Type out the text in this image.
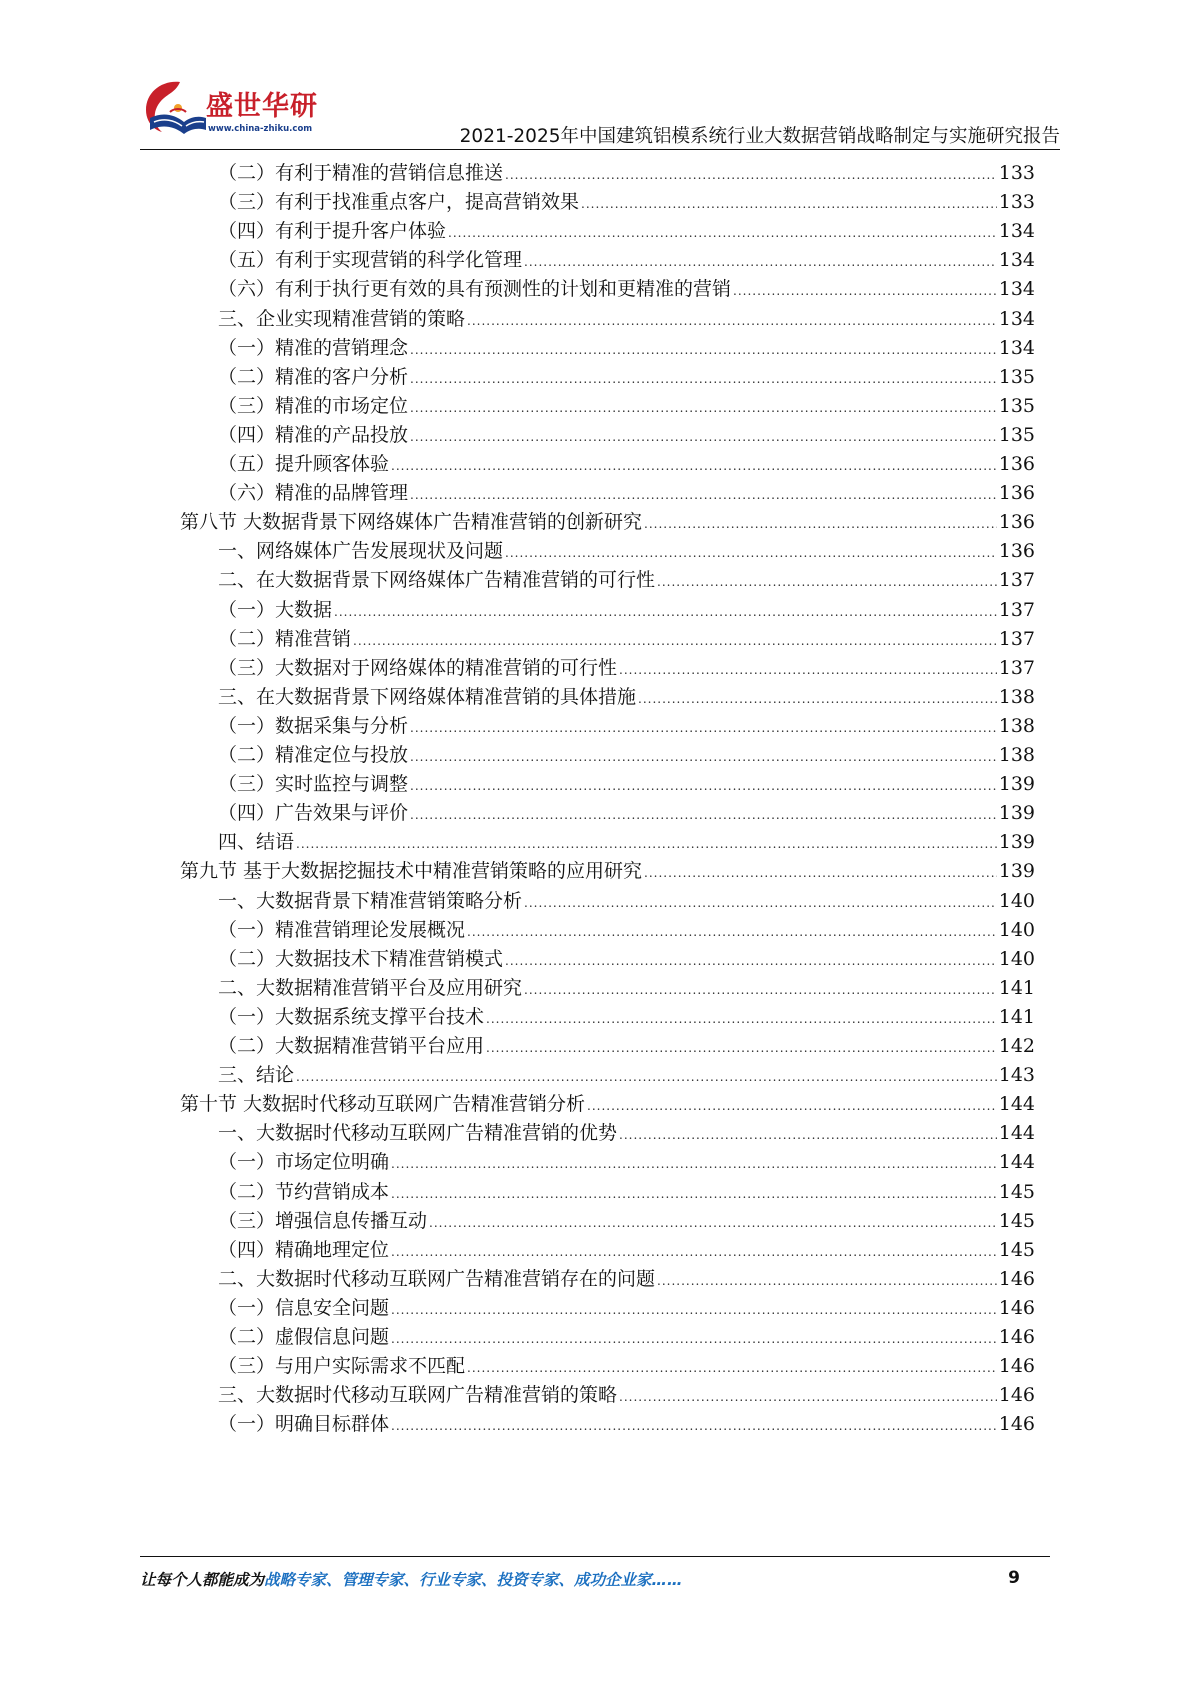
盛世华研
www.china-zhiku.com	2021-2025年中国建筑铝模系统行业大数据营销战略制定与实施研究报告
（二）有利于精准的营销信息推送 .....	133
（三）有利于找准重点客户，提高营销效果 .....	133
（四）有利于提升客户体验 .....	134
（五）有利于实现营销的科学化管理 .....	134
（六）有利于执行更有效的具有预测性的计划和更精准的营销 .....	134
三、企业实现精准营销的策略 .....	134
（一）精准的营销理念 .....	134
（二）精准的客户分析 .....	135
（三）精准的市场定位 .....	135
（四）精准的产品投放 .....	135
（五）提升顾客体验 .....	136
（六）精准的品牌管理 .....	136
第八节 大数据背景下网络媒体广告精准营销的创新研究 .....	136
一、网络媒体广告发展现状及问题 .....	136
二、在大数据背景下网络媒体广告精准营销的可行性 .....	137
（一）大数据 .....	137
（二）精准营销 .....	137
（三）大数据对于网络媒体的精准营销的可行性 .....	137
三、在大数据背景下网络媒体精准营销的具体措施 .....	138
（一）数据采集与分析 .....	138
（二）精准定位与投放 .....	138
（三）实时监控与调整 .....	139
（四）广告效果与评价 .....	139
四、结语 .....	139
第九节 基于大数据挖掘技术中精准营销策略的应用研究 .....	139
一、大数据背景下精准营销策略分析 .....	140
（一）精准营销理论发展概况 .....	140
（二）大数据技术下精准营销模式 .....	140
二、大数据精准营销平台及应用研究 .....	141
（一）大数据系统支撑平台技术 .....	141
（二）大数据精准营销平台应用 .....	142
三、结论 .....	143
第十节 大数据时代移动互联网广告精准营销分析 .....	144
一、大数据时代移动互联网广告精准营销的优势 .....	144
（一）市场定位明确 .....	144
（二）节约营销成本 .....	145
（三）增强信息传播互动 .....	145
（四）精确地理定位 .....	145
二、大数据时代移动互联网广告精准营销存在的问题 .....	146
（一）信息安全问题 .....	146
（二）虚假信息问题 .....	146
（三）与用户实际需求不匹配 .....	146
三、大数据时代移动互联网广告精准营销的策略 .....	146
（一）明确目标群体 .....	146
让每个人都能成为战略专家、管理专家、行业专家、投资专家、成功企业家……	9
